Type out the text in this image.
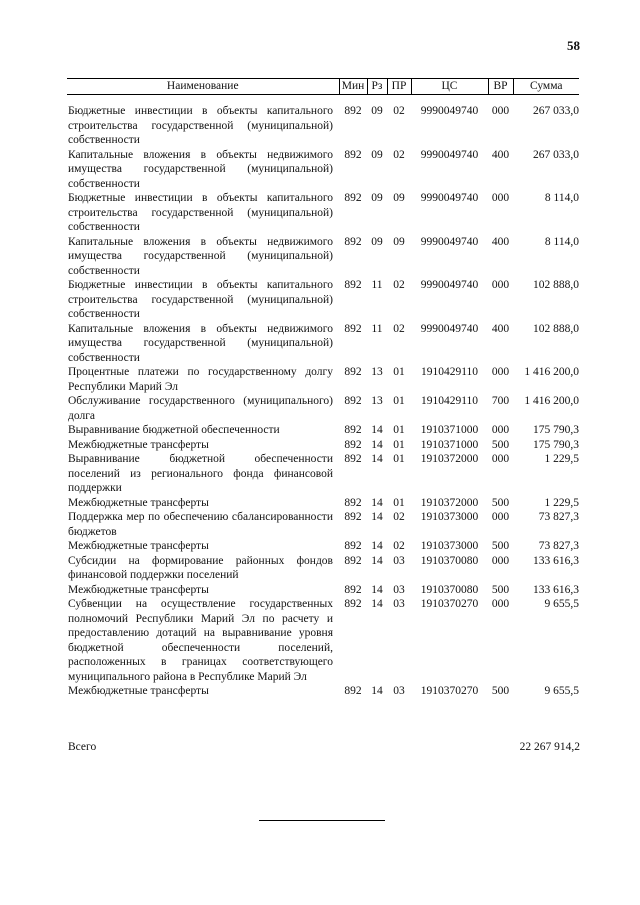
58
Наименование	Мин	Рз	ПР	ЦС	ВР	Сумма
Бюджетные инвестиции в объекты капитального строительства государственной (муниципальной) собственности	892	09	02	9990049740	000	267 033,0
Капитальные вложения в объекты недвижимого имущества государственной (муниципальной) собственности	892	09	02	9990049740	400	267 033,0
Бюджетные инвестиции в объекты капитального строительства государственной (муниципальной) собственности	892	09	09	9990049740	000	8 114,0
Капитальные вложения в объекты недвижимого имущества государственной (муниципальной) собственности	892	09	09	9990049740	400	8 114,0
Бюджетные инвестиции в объекты капитального строительства государственной (муниципальной) собственности	892	11	02	9990049740	000	102 888,0
Капитальные вложения в объекты недвижимого имущества государственной (муниципальной) собственности	892	11	02	9990049740	400	102 888,0
Процентные платежи по государственному долгу Республики Марий Эл	892	13	01	1910429110	000	1 416 200,0
Обслуживание государственного (муниципального) долга	892	13	01	1910429110	700	1 416 200,0
Выравнивание бюджетной обеспеченности	892	14	01	1910371000	000	175 790,3
Межбюджетные трансферты	892	14	01	1910371000	500	175 790,3
Выравнивание бюджетной обеспеченности поселений из регионального фонда финансовой поддержки	892	14	01	1910372000	000	1 229,5
Межбюджетные трансферты	892	14	01	1910372000	500	1 229,5
Поддержка мер по обеспечению сбалансированности бюджетов	892	14	02	1910373000	000	73 827,3
Межбюджетные трансферты	892	14	02	1910373000	500	73 827,3
Субсидии на формирование районных фондов финансовой поддержки поселений	892	14	03	1910370080	000	133 616,3
Межбюджетные трансферты	892	14	03	1910370080	500	133 616,3
Субвенции на осуществление государственных полномочий Республики Марий Эл по расчету и предоставлению дотаций на выравнивание уровня бюджетной обеспеченности поселений, расположенных в границах соответствующего муниципального района в Республике Марий Эл	892	14	03	1910370270	000	9 655,5
Межбюджетные трансферты	892	14	03	1910370270	500	9 655,5
Всего	22 267 914,2
